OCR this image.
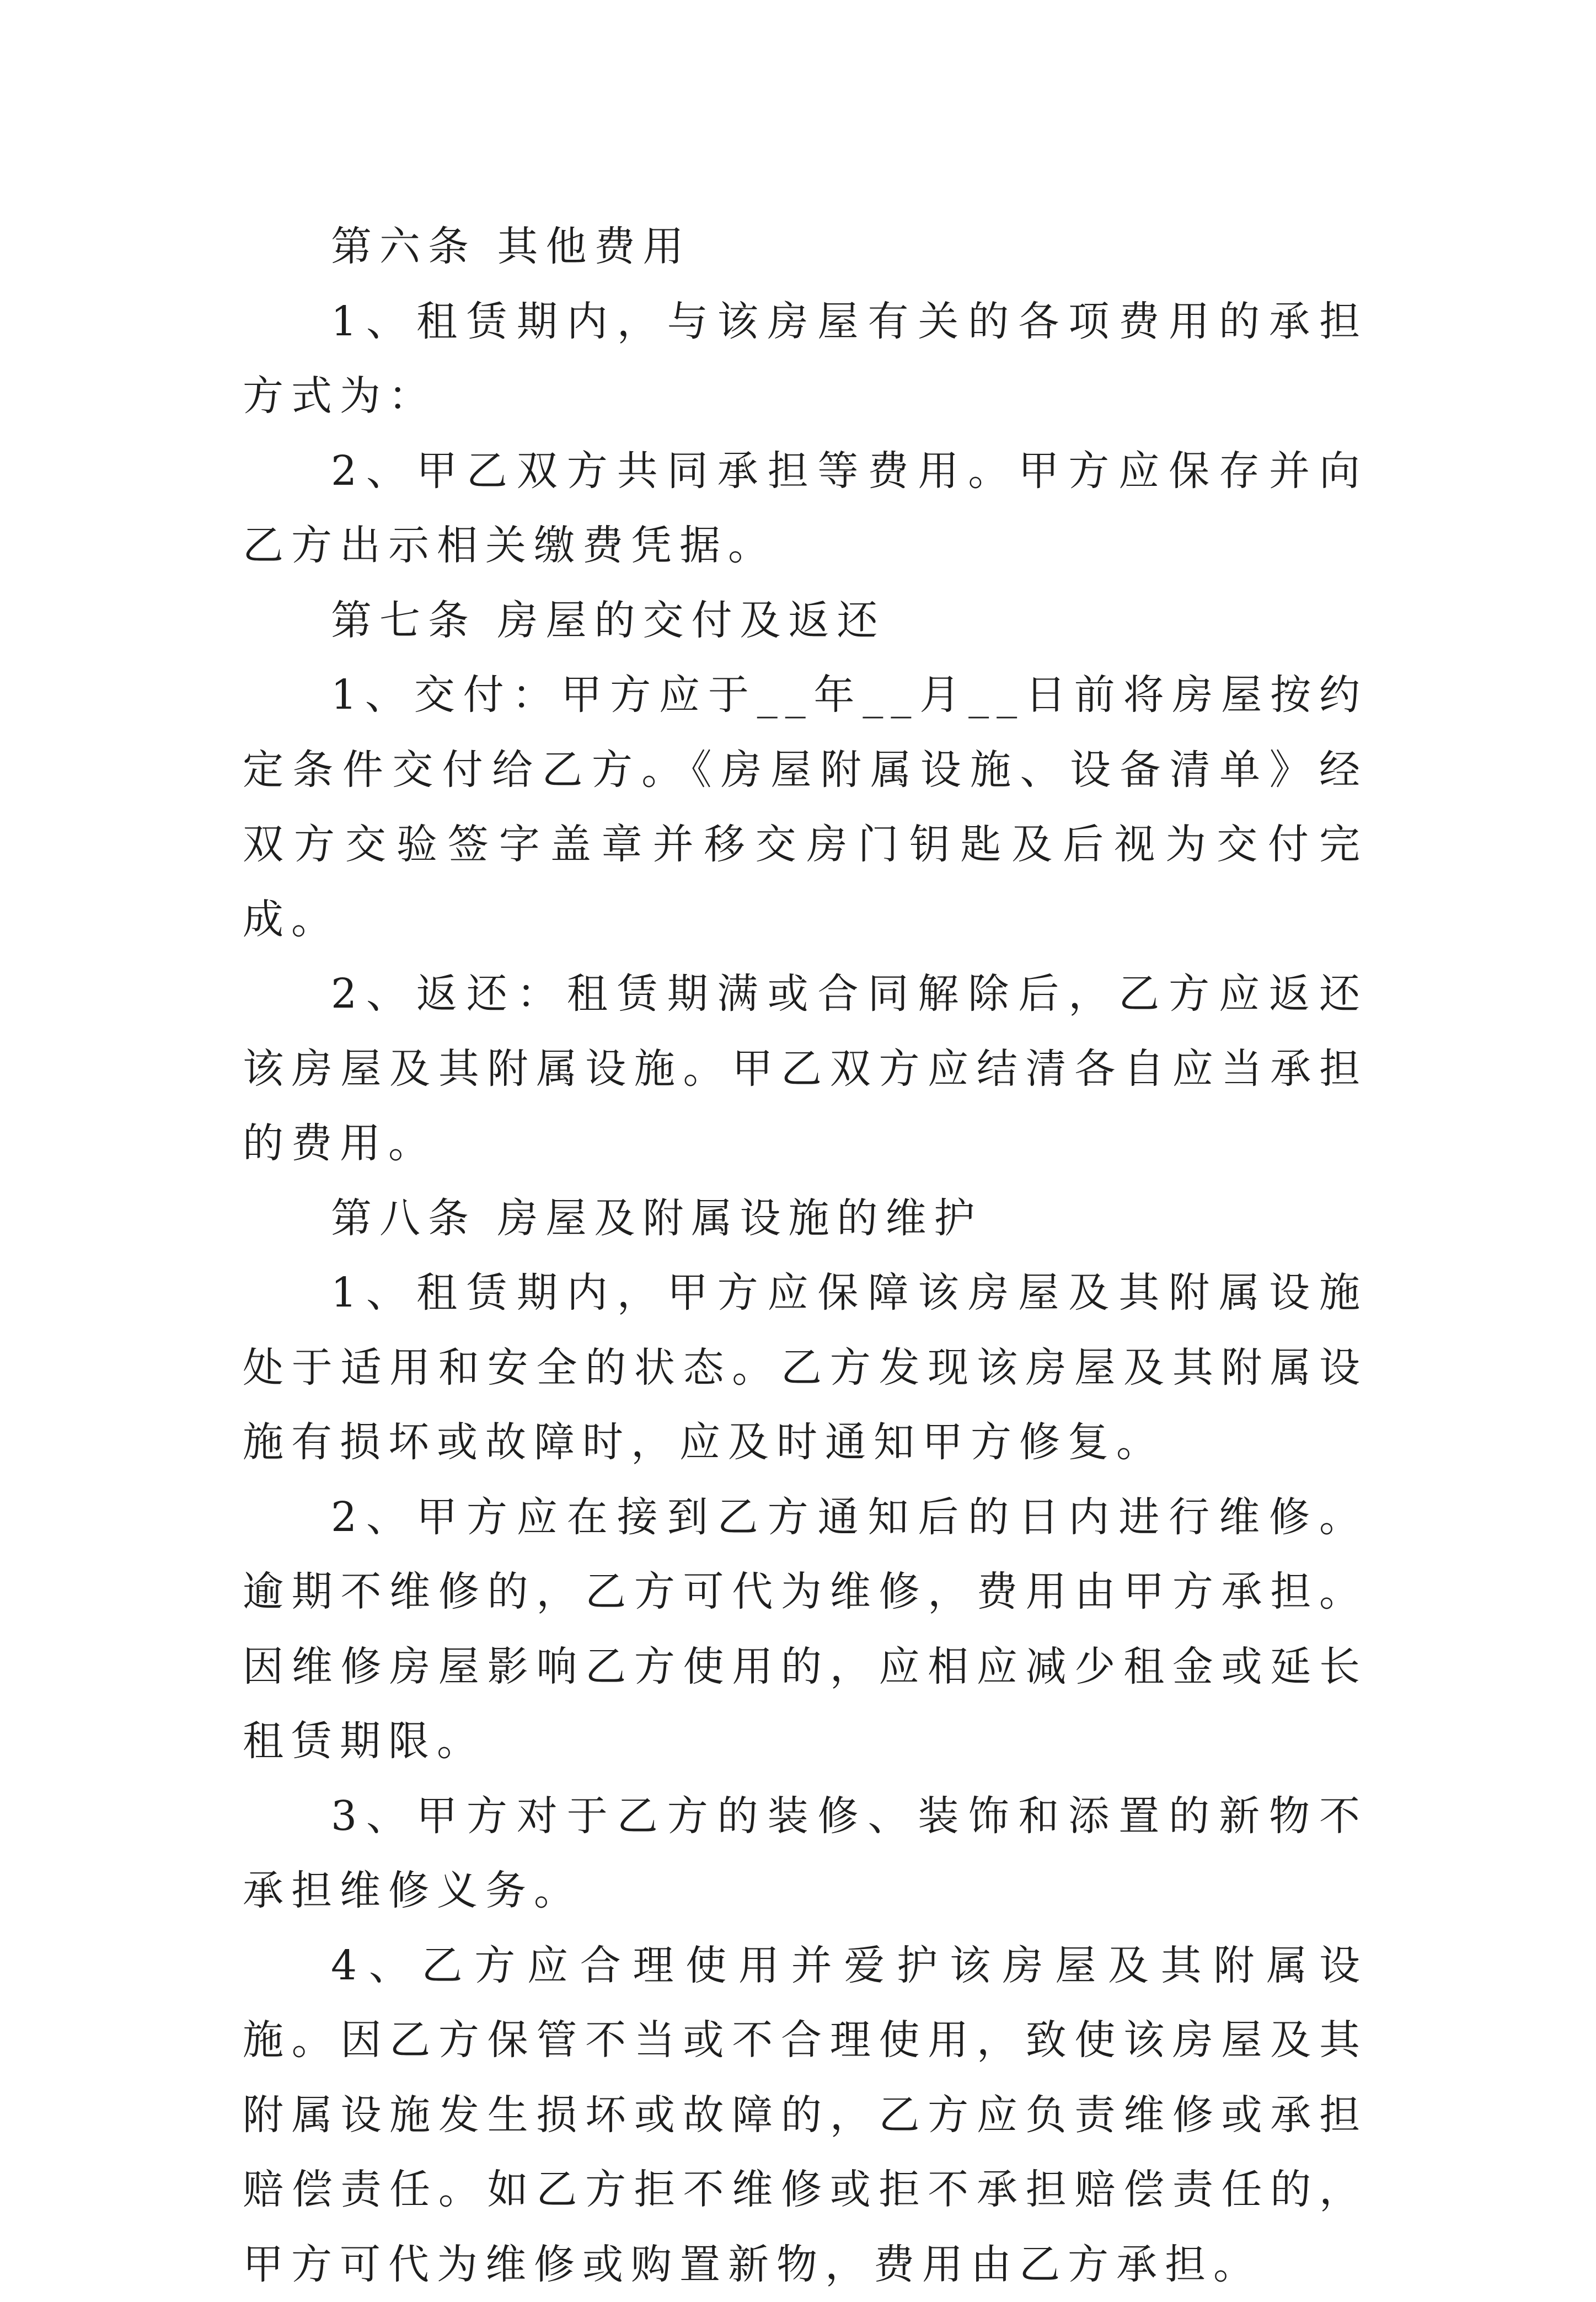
第六条 其他费用

1、租赁期内，与该房屋有关的各项费用的承担方式为：

2、甲乙双方共同承担等费用。甲方应保存并向乙方出示相关缴费凭据。

第七条 房屋的交付及返还

1、交付：甲方应于__年__月__日前将房屋按约定条件交付给乙方。《房屋附属设施、设备清单》经双方交验签字盖章并移交房门钥匙及后视为交付完成。

2、返还：租赁期满或合同解除后，乙方应返还该房屋及其附属设施。甲乙双方应结清各自应当承担的费用。

第八条 房屋及附属设施的维护

1、租赁期内，甲方应保障该房屋及其附属设施处于适用和安全的状态。乙方发现该房屋及其附属设施有损坏或故障时，应及时通知甲方修复。

2、甲方应在接到乙方通知后的日内进行维修。逾期不维修的，乙方可代为维修，费用由甲方承担。因维修房屋影响乙方使用的，应相应减少租金或延长租赁期限。

3、甲方对于乙方的装修、装饰和添置的新物不承担维修义务。

4、乙方应合理使用并爱护该房屋及其附属设施。因乙方保管不当或不合理使用，致使该房屋及其附属设施发生损坏或故障的，乙方应负责维修或承担赔偿责任。如乙方拒不维修或拒不承担赔偿责任的，甲方可代为维修或购置新物，费用由乙方承担。
